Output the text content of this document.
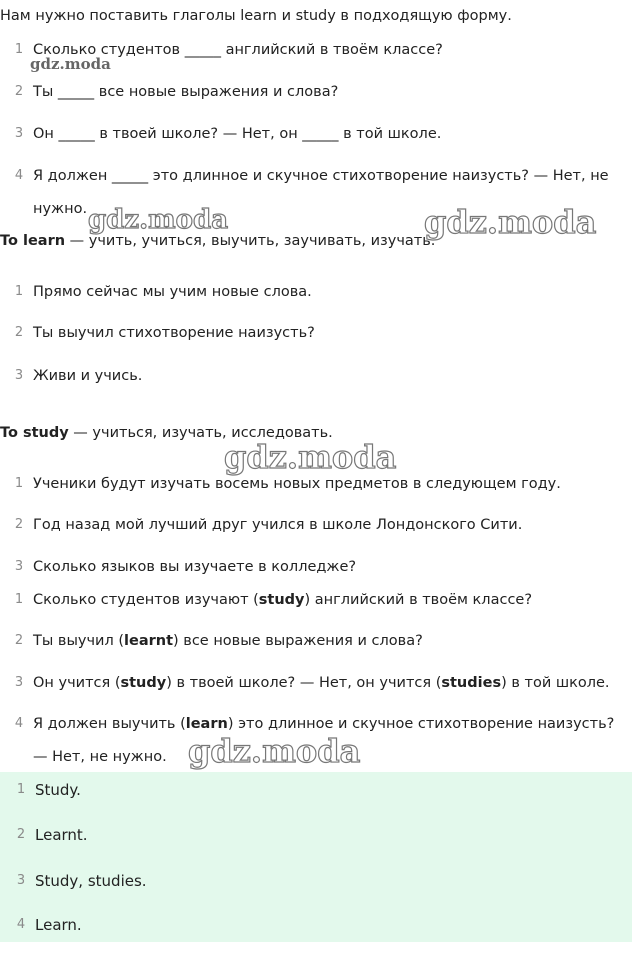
Нам нужно поставить глаголы learn и study в подходящую форму.
1 Сколько студентов _____ английский в твоём классе?
2 Ты _____ все новые выражения и слова?
3 Он _____ в твоей школе? — Нет, он _____ в той школе.
4 Я должен _____ это длинное и скучное стихотворение наизусть? — Нет, не
нужно.
To learn — учить, учиться, выучить, заучивать, изучать.
1 Прямо сейчас мы учим новые слова.
2 Ты выучил стихотворение наизусть?
3 Живи и учись.
To study — учиться, изучать, исследовать.
1 Ученики будут изучать восемь новых предметов в следующем году.
2 Год назад мой лучший друг учился в школе Лондонского Сити.
3 Сколько языков вы изучаете в колледже?
1 Сколько студентов изучают (study) английский в твоём классе?
2 Ты выучил (learnt) все новые выражения и слова?
3 Он учится (study) в твоей школе? — Нет, он учится (studies) в той школе.
4 Я должен выучить (learn) это длинное и скучное стихотворение наизусть?
— Нет, не нужно.
1 Study.
2 Learnt.
3 Study, studies.
4 Learn.
gdz.moda
gdz.moda	gdz.moda
gdz.moda
gdz.moda
